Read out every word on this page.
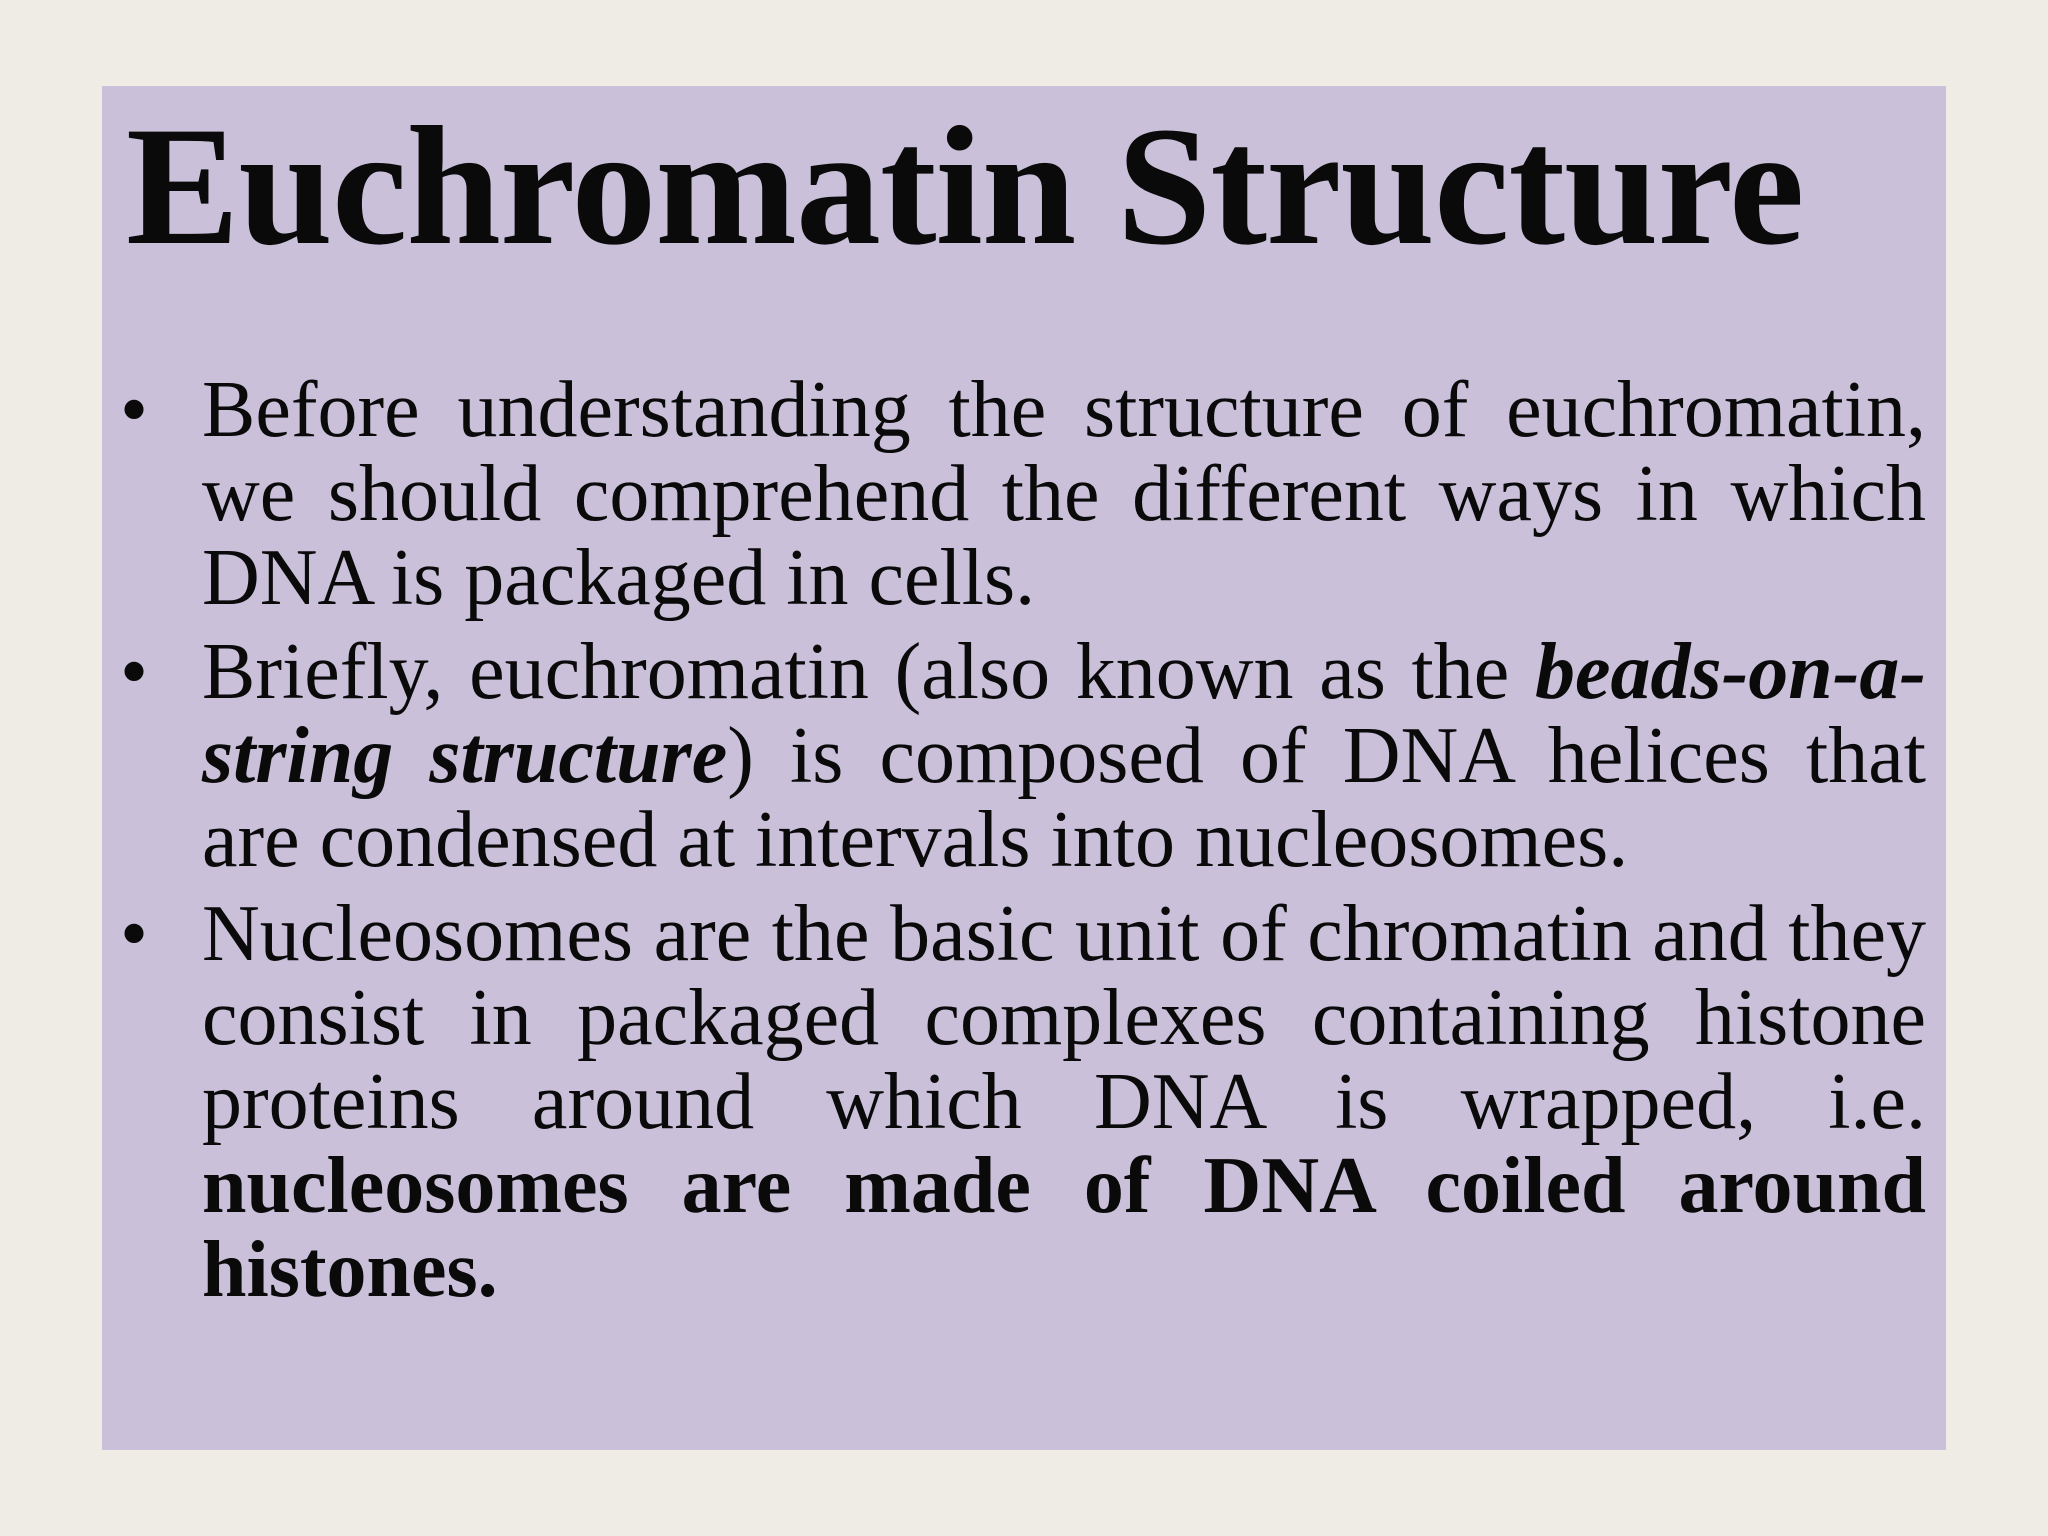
Euchromatin Structure
• Before understanding the structure of euchromatin, we should comprehend the different ways in which DNA is packaged in cells.
• Briefly, euchromatin (also known as the beads-on-a-string structure) is composed of DNA helices that are condensed at intervals into nucleosomes.
• Nucleosomes are the basic unit of chromatin and they consist in packaged complexes containing histone proteins around which DNA is wrapped, i.e. nucleosomes are made of DNA coiled around histones.
